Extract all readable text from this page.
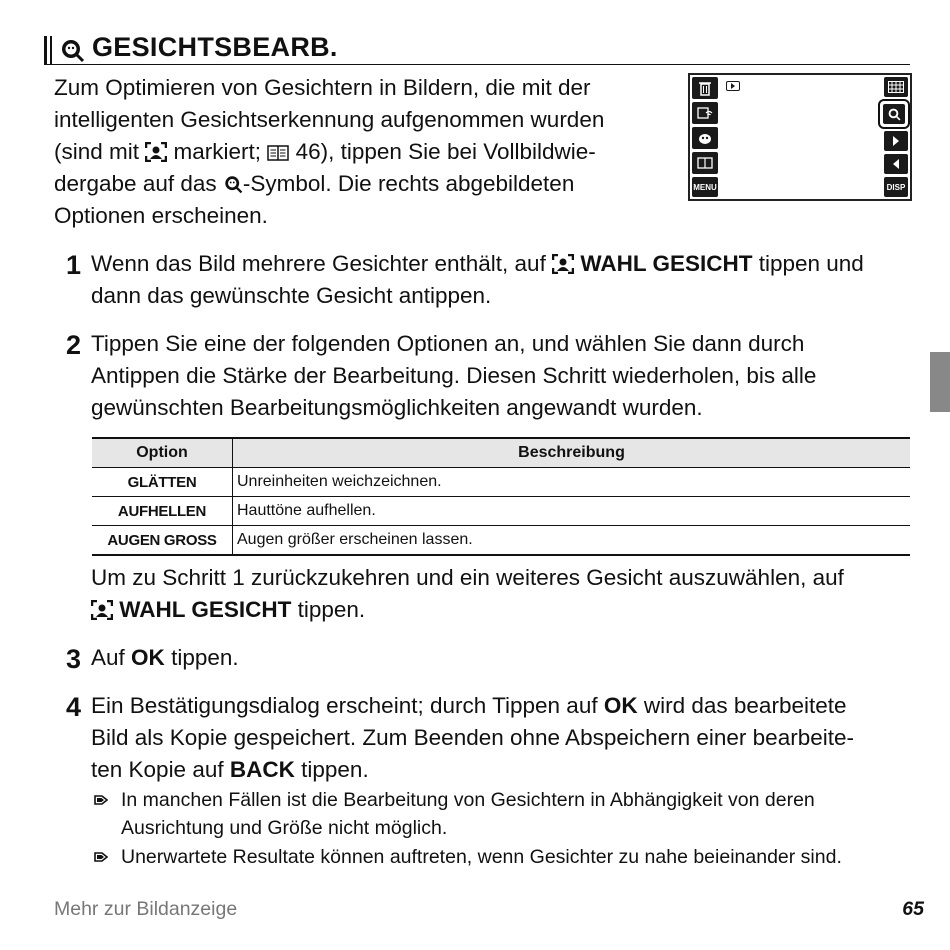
GESICHTSBEARB.
Zum Optimieren von Gesichtern in Bildern, die mit der
intelligenten Gesichtserkennung aufgenommen wurden
(sind mit markiert; 46), tippen Sie bei Vollbildwie-
dergabe auf das -Symbol. Die rechts abgebildeten
Optionen erscheinen.
MENU	DISP
1 Wenn das Bild mehrere Gesichter enthält, auf WAHL GESICHT tippen und
dann das gewünschte Gesicht antippen.
2 Tippen Sie eine der folgenden Optionen an, und wählen Sie dann durch
Antippen die Stärke der Bearbeitung. Diesen Schritt wiederholen, bis alle
gewünschten Bearbeitungsmöglichkeiten angewandt wurden.
Option	Beschreibung
GLÄTTEN	Unreinheiten weichzeichnen.
AUFHELLEN	Hauttöne aufhellen.
AUGEN GROSS	Augen größer erscheinen lassen.
Um zu Schritt 1 zurückzukehren und ein weiteres Gesicht auszuwählen, auf
WAHL GESICHT tippen.
3 Auf OK tippen.
4 Ein Bestätigungsdialog erscheint; durch Tippen auf OK wird das bearbeitete
Bild als Kopie gespeichert. Zum Beenden ohne Abspeichern einer bearbeite-
ten Kopie auf BACK tippen.
In manchen Fällen ist die Bearbeitung von Gesichtern in Abhängigkeit von deren
Ausrichtung und Größe nicht möglich.
Unerwartete Resultate können auftreten, wenn Gesichter zu nahe beieinander sind.
Mehr zur Bildanzeige	65
